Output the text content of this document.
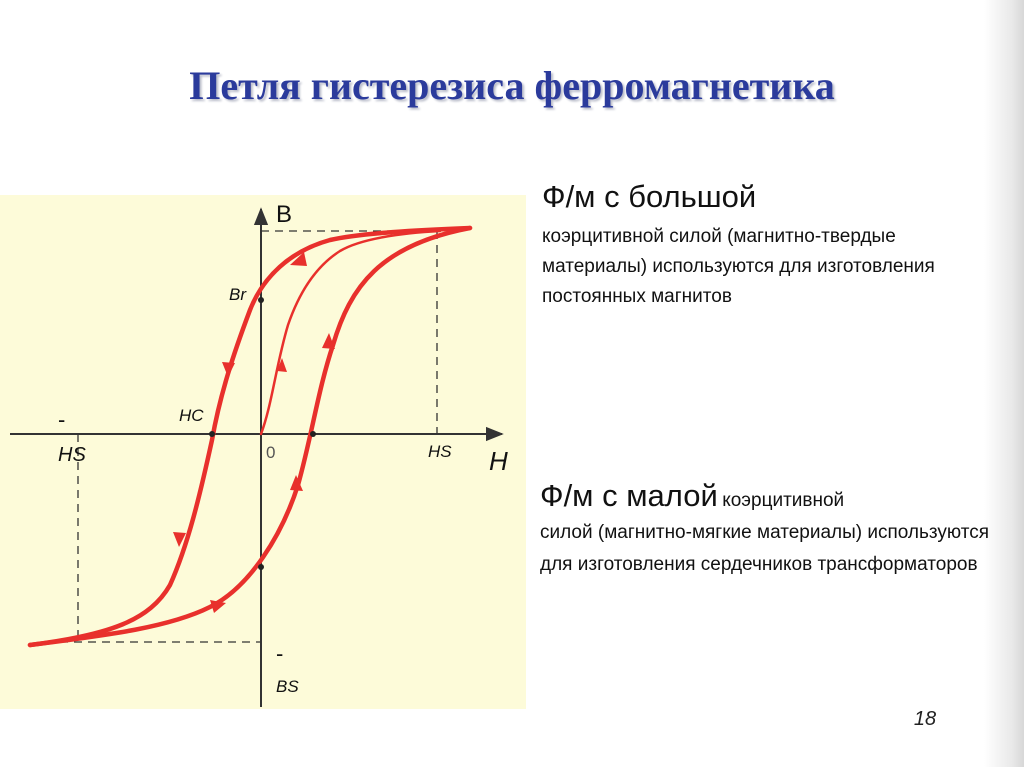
Петля гистерезиса ферромагнетика
B
H
0
Br
HC
HS
-
HS
-
BS
Ф/м с большой
коэрцитивной силой (магнитно-твердые материалы) используются для изготовления постоянных магнитов
Ф/м с малой коэрцитивной
силой (магнитно-мягкие материалы) используются для изготовления сердечников трансформаторов
18
